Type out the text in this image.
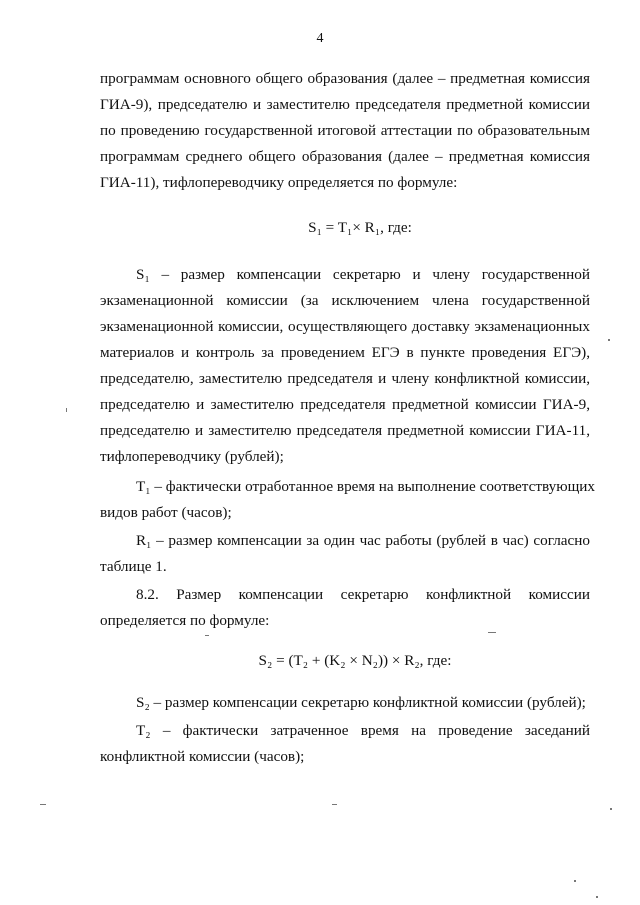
4
программам основного общего образования (далее – предметная комиссия
ГИА-9), председателю и заместителю председателя предметной комиссии
по проведению государственной итоговой аттестации по образовательным
программам среднего общего образования (далее – предметная комиссия
ГИА-11), тифлопереводчику определяется по формуле:
S₁ = T₁× R₁, где:
S₁ – размер компенсации секретарю и члену государственной
экзаменационной комиссии (за исключением члена государственной
экзаменационной комиссии, осуществляющего доставку экзаменационных
материалов и контроль за проведением ЕГЭ в пункте проведения ЕГЭ),
председателю, заместителю председателя и члену конфликтной комиссии,
председателю и заместителю председателя предметной комиссии ГИА-9,
председателю и заместителю председателя предметной комиссии ГИА-11,
тифлопереводчику (рублей);
T₁ – фактически отработанное время на выполнение соответствующих
видов работ (часов);
R₁ – размер компенсации за один час работы (рублей в час) согласно
таблице 1.
8.2. Размер компенсации секретарю конфликтной комиссии
определяется по формуле:
S₂ = (T₂ + (K₂ × N₂)) × R₂, где:
S₂ – размер компенсации секретарю конфликтной комиссии (рублей);
T₂ – фактически затраченное время на проведение заседаний
конфликтной комиссии (часов);
